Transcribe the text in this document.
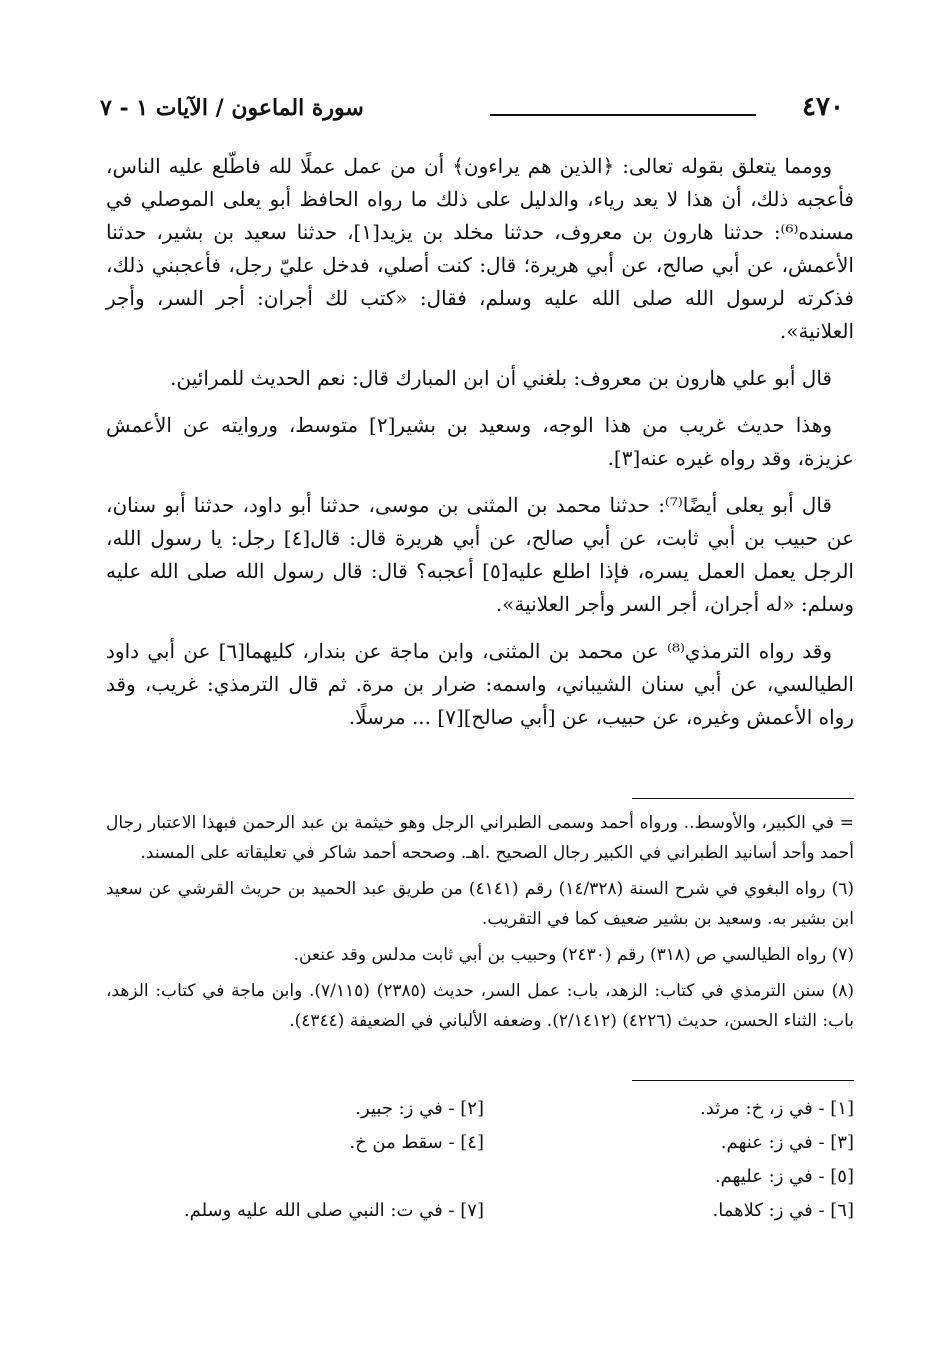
٤٧٠
سورة الماعون / الآيات ١ - ٧

وومما يتعلق بقوله تعالى: ﴿الذين هم يراءون﴾ أن من عمل عملًا لله فاطّلع عليه الناس، فأعجبه ذلك، أن هذا لا يعد رياء، والدليل على ذلك ما رواه الحافظ أبو يعلى الموصلي في مسنده⁽⁶⁾: حدثنا هارون بن معروف، حدثنا مخلد بن يزيد[١]، حدثنا سعيد بن بشير، حدثنا الأعمش، عن أبي صالح، عن أبي هريرة؛ قال: كنت أصلي، فدخل عليّ رجل، فأعجبني ذلك، فذكرته لرسول الله صلى الله عليه وسلم، فقال: «كتب لك أجران: أجر السر، وأجر العلانية».

قال أبو علي هارون بن معروف: بلغني أن ابن المبارك قال: نعم الحديث للمرائين.

وهذا حديث غريب من هذا الوجه، وسعيد بن بشير[٢] متوسط، وروايته عن الأعمش عزيزة، وقد رواه غيره عنه[٣].

قال أبو يعلى أيضًا⁽⁷⁾: حدثنا محمد بن المثنى بن موسى، حدثنا أبو داود، حدثنا أبو سنان، عن حبيب بن أبي ثابت، عن أبي صالح، عن أبي هريرة قال: قال[٤] رجل: يا رسول الله، الرجل يعمل العمل يسره، فإذا اطلع عليه[٥] أعجبه؟ قال: قال رسول الله صلى الله عليه وسلم: «له أجران، أجر السر وأجر العلانية».

وقد رواه الترمذي⁽⁸⁾ عن محمد بن المثنى، وابن ماجة عن بندار، كليهما[٦] عن أبي داود الطيالسي، عن أبي سنان الشيباني، واسمه: ضرار بن مرة. ثم قال الترمذي: غريب، وقد رواه الأعمش وغيره، عن حبيب، عن [أبي صالح][٧] ... مرسلًا.

= في الكبير، والأوسط.. ورواه أحمد وسمى الطبراني الرجل وهو خيثمة بن عبد الرحمن فبهذا الاعتبار رجال أحمد وأحد أسانيد الطبراني في الكبير رجال الصحيح .اهـ. وصححه أحمد شاكر في تعليقاته على المسند.

(٦) رواه البغوي في شرح السنة (١٤/٣٢٨) رقم (٤١٤١) من طريق عبد الحميد بن حريث القرشي عن سعيد ابن بشير به. وسعيد بن بشير ضعيف كما في التقريب.

(٧) رواه الطيالسي ص (٣١٨) رقم (٢٤٣٠) وحبيب بن أبي ثابت مدلس وقد عنعن.

(٨) سنن الترمذي في كتاب: الزهد، باب: عمل السر، حديث (٢٣٨٥) (٧/١١٥). وابن ماجة في كتاب: الزهد، باب: الثناء الحسن، حديث (٤٢٢٦) (٢/١٤١٢). وضعفه الألباني في الضعيفة (٤٣٤٤).

[١] - في ز، خ: مرثد.
[٣] - في ز: عنهم.
[٥] - في ز: عليهم.
[٦] - في ز: كلاهما.
[٢] - في ز: جبير.
[٤] - سقط من خ.
[٧] - في ت: النبي صلى الله عليه وسلم.
